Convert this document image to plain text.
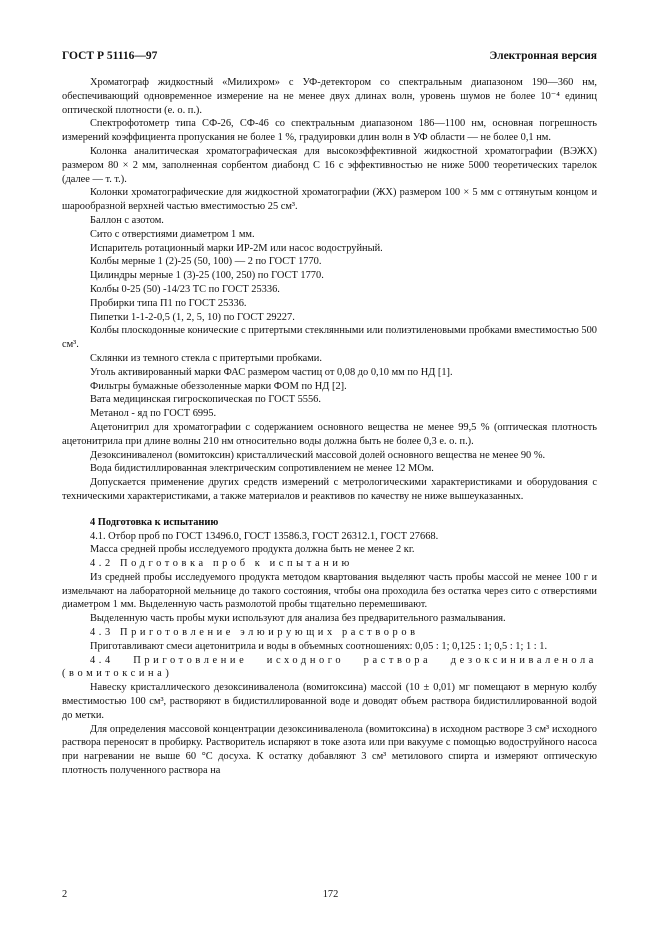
ГОСТ Р 51116—97	Электронная версия

Хроматограф жидкостный «Милихром» с УФ-детектором со спектральным диапазоном 190—360 нм, обеспечивающий одновременное измерение на не менее двух длинах волн, уровень шумов не более 10⁻⁴ единиц оптической плотности (е. о. п.).

Спектрофотометр типа СФ-26, СФ-46 со спектральным диапазоном 186—1100 нм, основная погрешность измерений коэффициента пропускания не более 1 %, градуировки длин волн в УФ области — не более 0,1 нм.

Колонка аналитическая хроматографическая для высокоэффективной жидкостной хроматографии (ВЭЖХ) размером 80 × 2 мм, заполненная сорбентом диабонд С 16 с эффективностью не ниже 5000 теоретических тарелок (далее — т. т.).

Колонки хроматографические для жидкостной хроматографии (ЖХ) размером 100 × 5 мм с оттянутым концом и шарообразной верхней частью вместимостью 25 см³.

Баллон с азотом.

Сито с отверстиями диаметром 1 мм.

Испаритель ротационный марки ИР-2М или насос водоструйный.

Колбы мерные 1 (2)-25 (50, 100) — 2 по ГОСТ 1770.

Цилиндры мерные 1 (3)-25 (100, 250) по ГОСТ 1770.

Колбы 0-25 (50) -14/23 ТС по ГОСТ 25336.

Пробирки типа П1 по ГОСТ 25336.

Пипетки 1-1-2-0,5 (1, 2, 5, 10) по ГОСТ 29227.

Колбы плоскодонные конические с притертыми стеклянными или полиэтиленовыми пробками вместимостью 500 см³.

Склянки из темного стекла с притертыми пробками.

Уголь активированный марки ФАС размером частиц от 0,08 до 0,10 мм по НД [1].

Фильтры бумажные обеззоленные марки ФОМ по НД [2].

Вата медицинская гигроскопическая по ГОСТ 5556.

Метанол - яд по ГОСТ 6995.

Ацетонитрил для хроматографии с содержанием основного вещества не менее 99,5 % (оптическая плотность ацетонитрила при длине волны 210 нм относительно воды должна быть не более 0,3 е. о. п.).

Дезоксиниваленол (вомитоксин) кристаллический массовой долей основного вещества не менее 90 %.

Вода бидистиллированная электрическим сопротивлением не менее 12 МОм.

Допускается применение других средств измерений с метрологическими характеристиками и оборудования с техническими характеристиками, а также материалов и реактивов по качеству не ниже вышеуказанных.

4 Подготовка к испытанию

4.1. Отбор проб по ГОСТ 13496.0, ГОСТ 13586.3, ГОСТ 26312.1, ГОСТ 27668.

Масса средней пробы исследуемого продукта должна быть не менее 2 кг.

4.2 Подготовка проб к испытанию

Из средней пробы исследуемого продукта методом квартования выделяют часть пробы массой не менее 100 г и измельчают на лабораторной мельнице до такого состояния, чтобы она проходила без остатка через сито с отверстиями диаметром 1 мм. Выделенную часть размолотой пробы тщательно перемешивают.

Выделенную часть пробы муки используют для анализа без предварительного размалывания.

4.3 Приготовление элюирующих растворов

Приготавливают смеси ацетонитрила и воды в объемных соотношениях: 0,05 : 1; 0,125 : 1; 0,5 : 1; 1 : 1.

4.4 Приготовление исходного раствора дезоксиниваленола (вомитоксина)

Навеску кристаллического дезоксиниваленола (вомитоксина) массой (10 ± 0,01) мг помещают в мерную колбу вместимостью 100 см³, растворяют в бидистиллированной воде и доводят объем раствора бидистиллированной водой до метки.

Для определения массовой концентрации дезоксиниваленола (вомитоксина) в исходном растворе 3 см³ исходного раствора переносят в пробирку. Растворитель испаряют в токе азота или при вакууме с помощью водоструйного насоса при нагревании не выше 60 °С досуха. К остатку добавляют 3 см³ метилового спирта и измеряют оптическую плотность полученного раствора на

2	172
